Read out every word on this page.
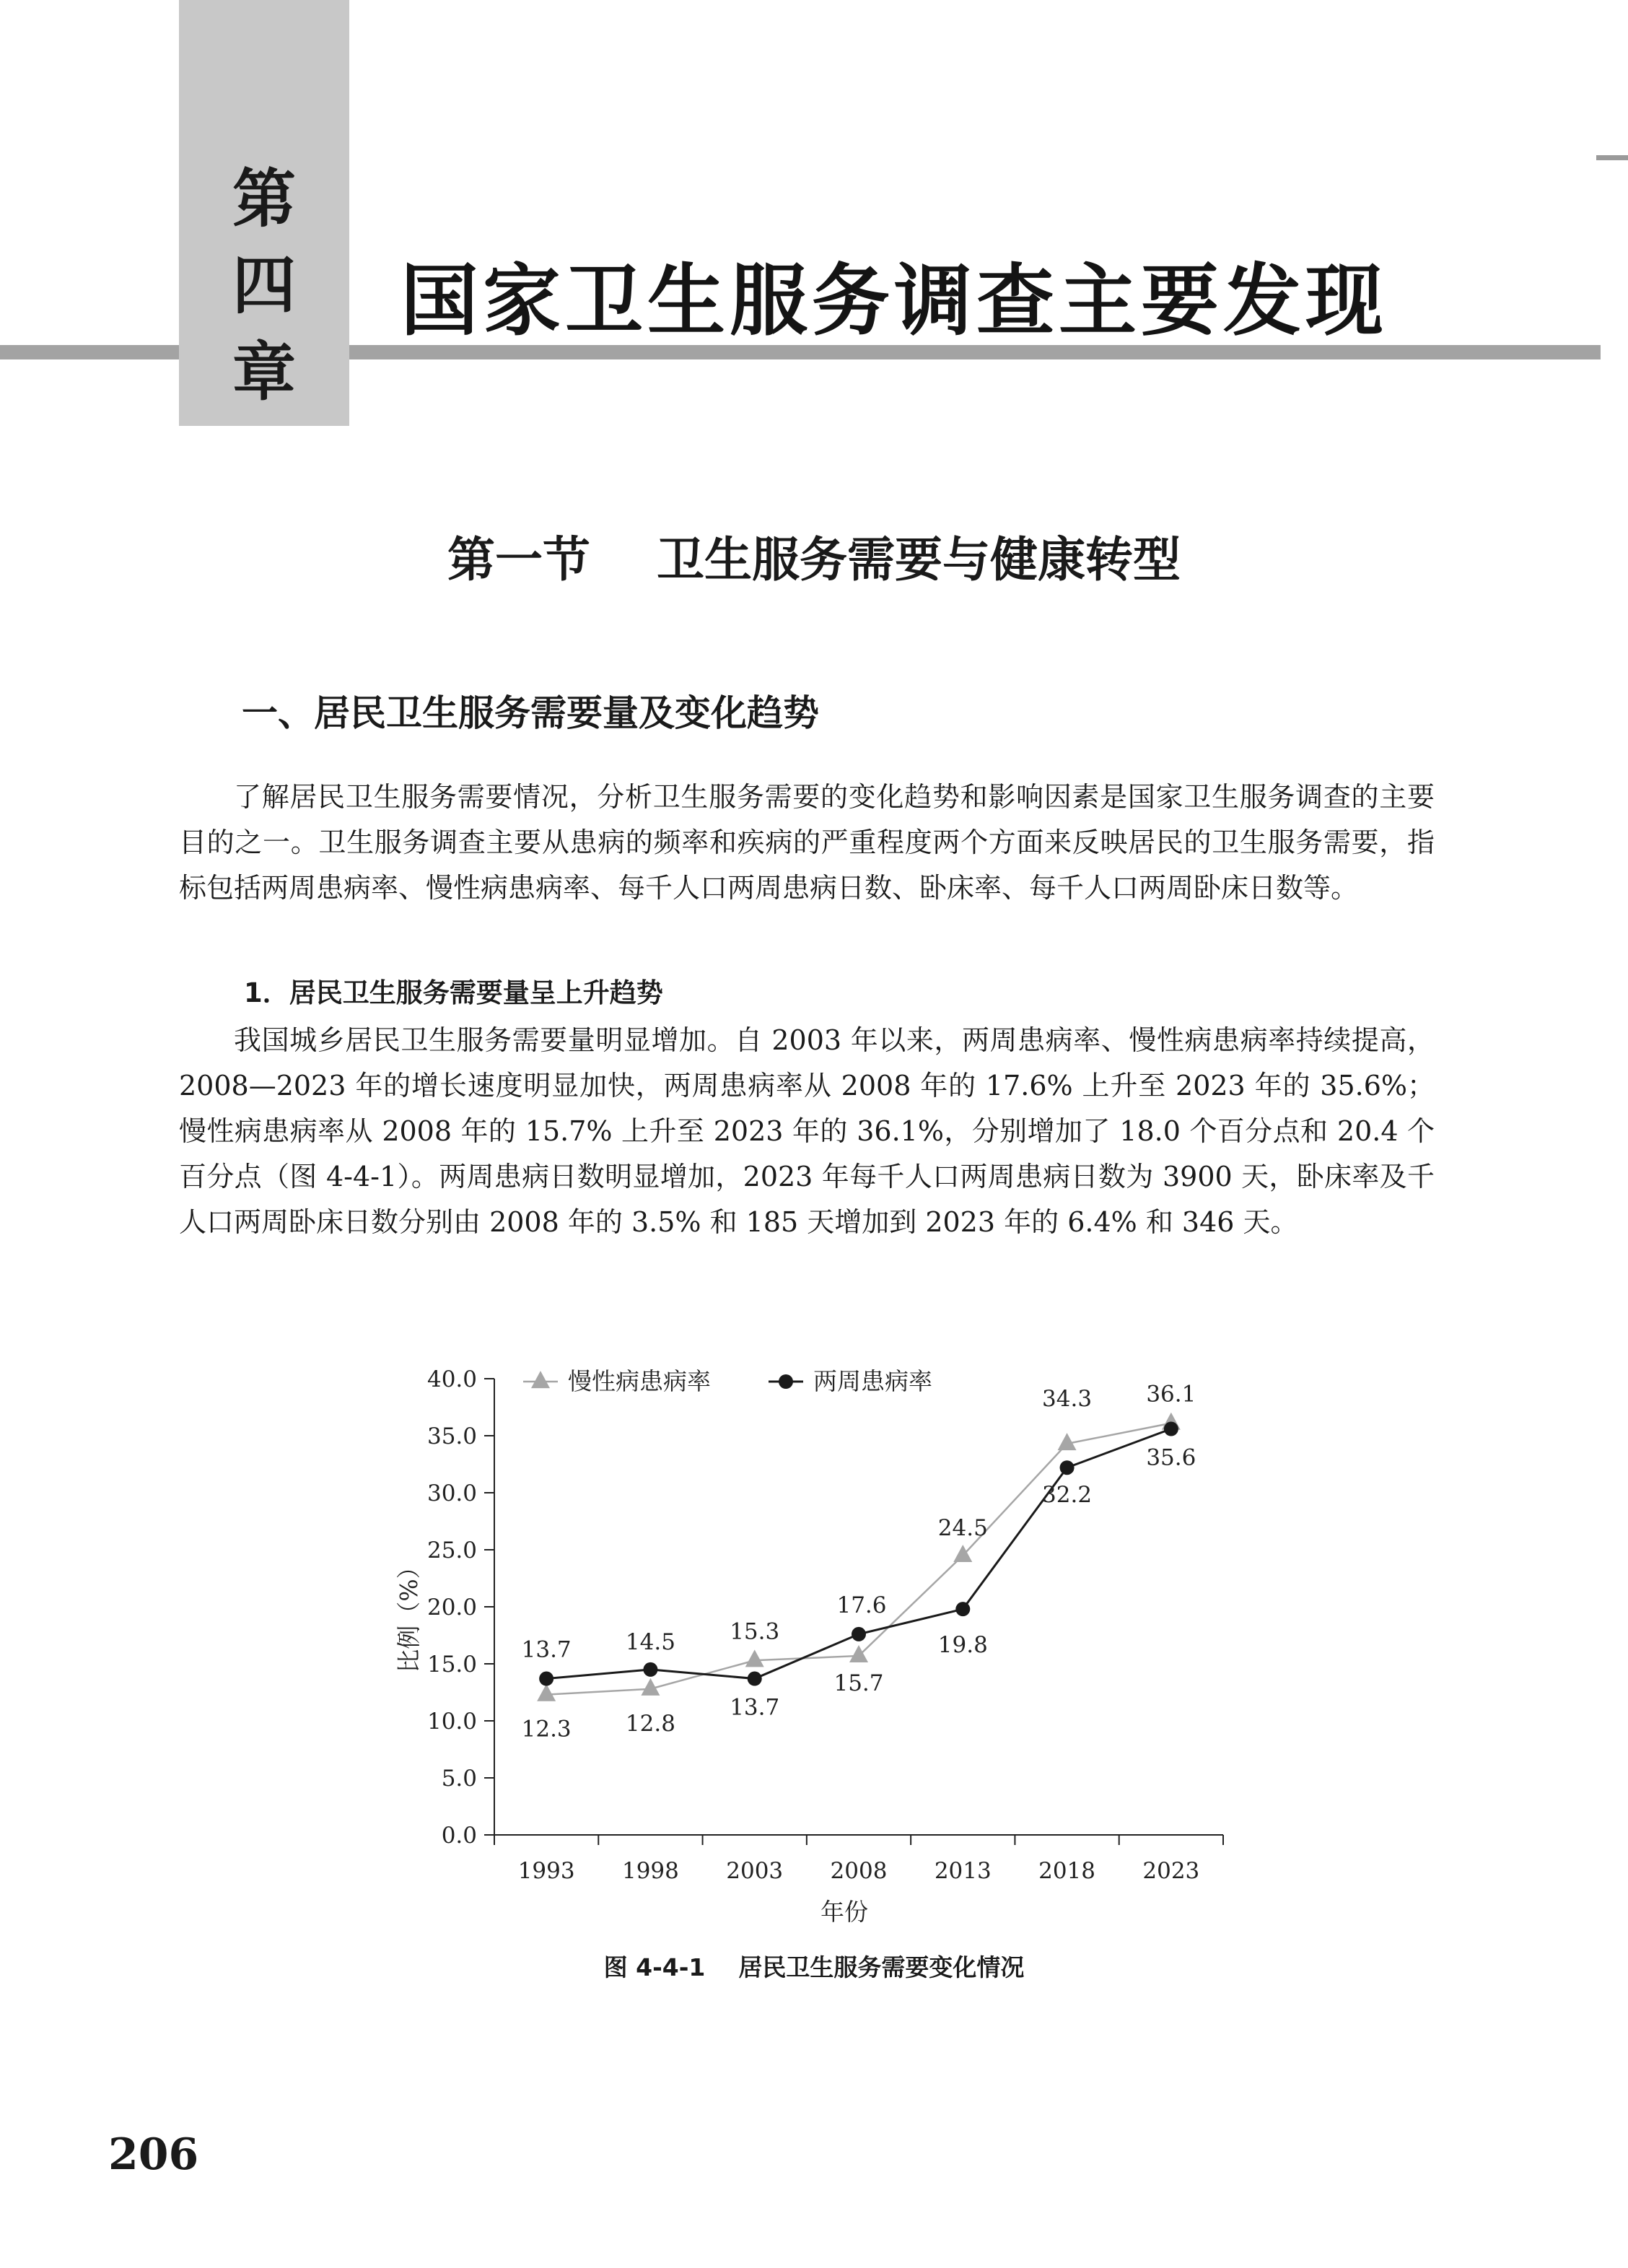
第
四
章
国家卫生服务调查主要发现
第一节    卫生服务需要与健康转型
一、居民卫生服务需要量及变化趋势
了解居民卫生服务需要情况，分析卫生服务需要的变化趋势和影响因素是国家卫生服务调查的主要目的之一。卫生服务调查主要从患病的频率和疾病的严重程度两个方面来反映居民的卫生服务需要，指标包括两周患病率、慢性病患病率、每千人口两周患病日数、卧床率、每千人口两周卧床日数等。
1．居民卫生服务需要量呈上升趋势
我国城乡居民卫生服务需要量明显增加。自 2003 年以来，两周患病率、慢性病患病率持续提高，2008—2023 年的增长速度明显加快，两周患病率从 2008 年的 17.6% 上升至 2023 年的 35.6%；慢性病患病率从 2008 年的 15.7% 上升至 2023 年的 36.1%，分别增加了 18.0 个百分点和 20.4 个百分点（图 4-4-1）。两周患病日数明显增加，2023 年每千人口两周患病日数为 3900 天，卧床率及千人口两周卧床日数分别由 2008 年的 3.5% 和 185 天增加到 2023 年的 6.4% 和 346 天。
0.0
5.0
10.0
15.0
20.0
25.0
30.0
35.0
40.0
1993 1998 2003 2008 2013 2018 2023
年份
比例（%）
12.3 12.8
15.3
15.7
24.5
34.3 36.1
13.7 14.5
13.7
17.6
19.8
32.2
35.6
慢性病患病率	两周患病率
图 4-4-1    居民卫生服务需要变化情况
206
